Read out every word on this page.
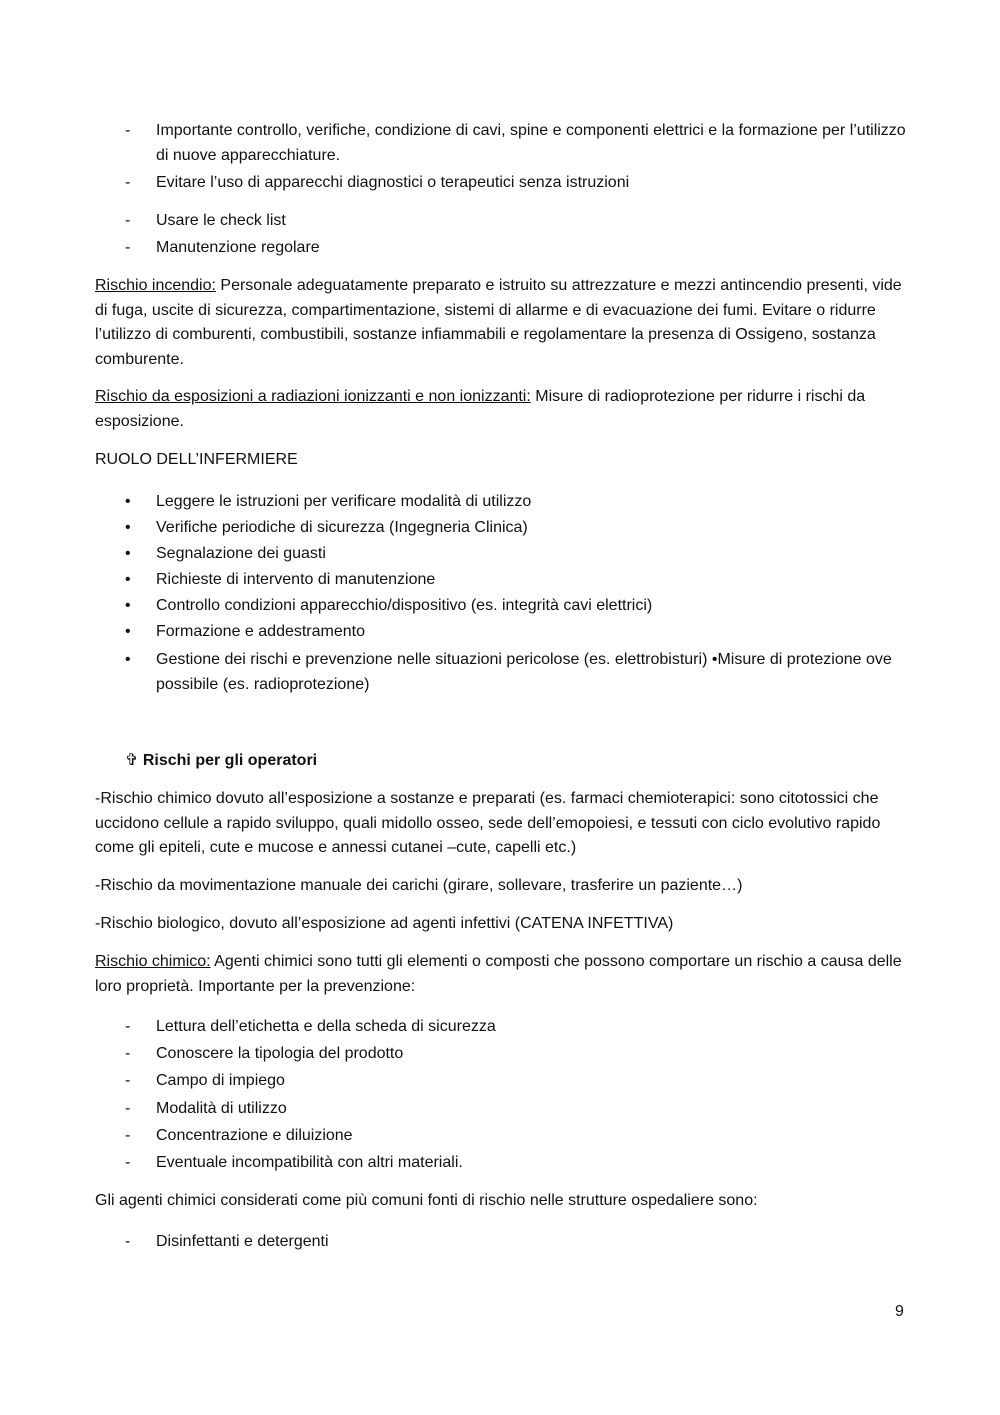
- Importante controllo, verifiche, condizione di cavi, spine e componenti elettrici e la formazione per l’utilizzo di nuove apparecchiature.
- Evitare l’uso di apparecchi diagnostici o terapeutici senza istruzioni
- Usare le check list
- Manutenzione regolare
Rischio incendio: Personale adeguatamente preparato e istruito su attrezzature e mezzi antincendio presenti, vide di fuga, uscite di sicurezza, compartimentazione, sistemi di allarme e di evacuazione dei fumi. Evitare o ridurre l’utilizzo di comburenti, combustibili, sostanze infiammabili e regolamentare la presenza di Ossigeno, sostanza comburente.
Rischio da esposizioni a radiazioni ionizzanti e non ionizzanti: Misure di radioprotezione per ridurre i rischi da esposizione.
RUOLO DELL’INFERMIERE
• Leggere le istruzioni per verificare modalità di utilizzo
• Verifiche periodiche di sicurezza (Ingegneria Clinica)
• Segnalazione dei guasti
• Richieste di intervento di manutenzione
• Controllo condizioni apparecchio/dispositivo (es. integrità cavi elettrici)
• Formazione e addestramento
• Gestione dei rischi e prevenzione nelle situazioni pericolose (es. elettrobisturi) •Misure di protezione ove possibile (es. radioprotezione)
✞ Rischi per gli operatori
-Rischio chimico dovuto all’esposizione a sostanze e preparati (es. farmaci chemioterapici: sono citotossici che uccidono cellule a rapido sviluppo, quali midollo osseo, sede dell’emopoiesi, e tessuti con ciclo evolutivo rapido come gli epiteli, cute e mucose e annessi cutanei –cute, capelli etc.)
-Rischio da movimentazione manuale dei carichi (girare, sollevare, trasferire un paziente…)
-Rischio biologico, dovuto all’esposizione ad agenti infettivi (CATENA INFETTIVA)
Rischio chimico: Agenti chimici sono tutti gli elementi o composti che possono comportare un rischio a causa delle loro proprietà. Importante per la prevenzione:
- Lettura dell’etichetta e della scheda di sicurezza
- Conoscere la tipologia del prodotto
- Campo di impiego
- Modalità di utilizzo
- Concentrazione e diluizione
- Eventuale incompatibilità con altri materiali.
Gli agenti chimici considerati come più comuni fonti di rischio nelle strutture ospedaliere sono:
- Disinfettanti e detergenti
9
